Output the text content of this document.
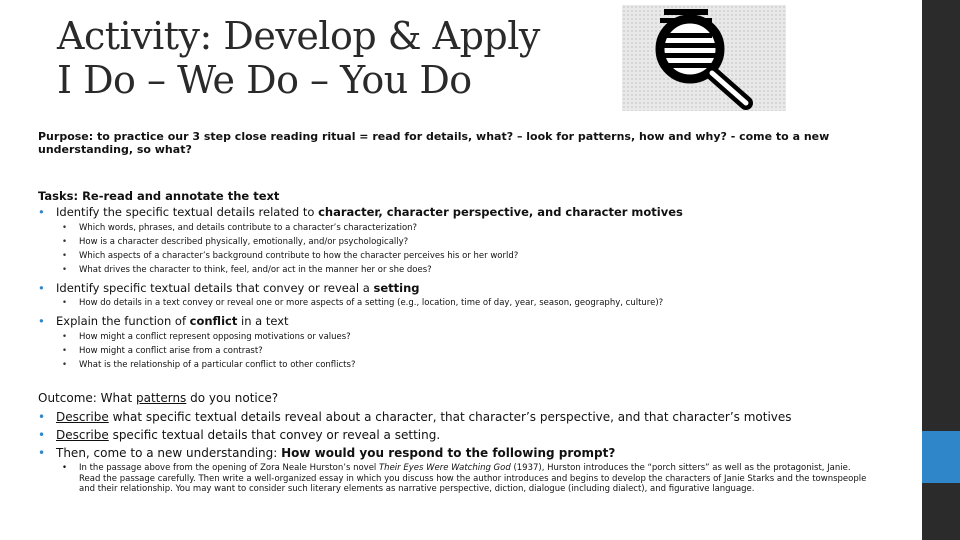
Activity: Develop & Apply
I Do – We Do – You Do
Purpose: to practice our 3 step close reading ritual = read for details, what? – look for patterns, how and why? - come to a new understanding, so what?
Tasks: Re-read and annotate the text
• Identify the specific textual details related to character, character perspective, and character motives
• Which words, phrases, and details contribute to a character’s characterization?
• How is a character described physically, emotionally, and/or psychologically?
• Which aspects of a character’s background contribute to how the character perceives his or her world?
• What drives the character to think, feel, and/or act in the manner her or she does?
• Identify specific textual details that convey or reveal a setting
• How do details in a text convey or reveal one or more aspects of a setting (e.g., location, time of day, year, season, geography, culture)?
• Explain the function of conflict in a text
• How might a conflict represent opposing motivations or values?
• How might a conflict arise from a contrast?
• What is the relationship of a particular conflict to other conflicts?
Outcome: What patterns do you notice?
• Describe what specific textual details reveal about a character, that character’s perspective, and that character’s motives
• Describe specific textual details that convey or reveal a setting.
• Then, come to a new understanding: How would you respond to the following prompt?
• In the passage above from the opening of Zora Neale Hurston’s novel Their Eyes Were Watching God (1937), Hurston introduces the “porch sitters” as well as the protagonist, Janie. Read the passage carefully. Then write a well-organized essay in which you discuss how the author introduces and begins to develop the characters of Janie Starks and the townspeople and their relationship. You may want to consider such literary elements as narrative perspective, diction, dialogue (including dialect), and figurative language.
